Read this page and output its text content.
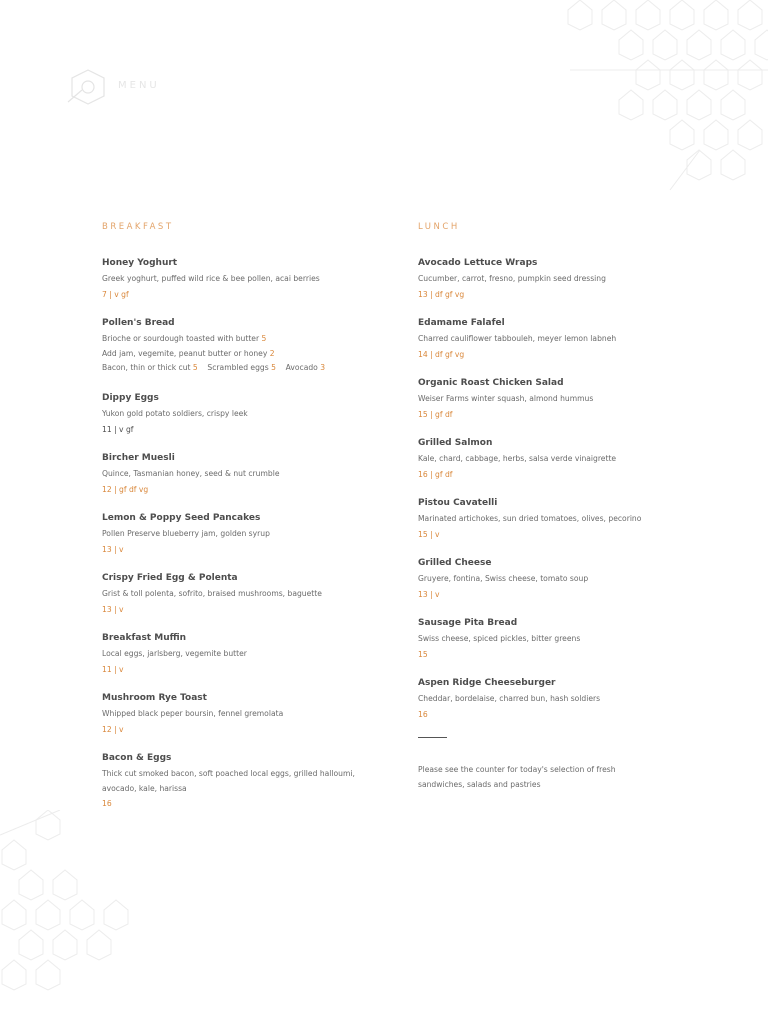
MENU
BREAKFAST
Honey Yoghurt
Greek yoghurt, puffed wild rice & bee pollen, acai berries
7 | v gf
Pollen's Bread
Brioche or sourdough toasted with butter 5
Add jam, vegemite, peanut butter or honey 2
Bacon, thin or thick cut 5 Scrambled eggs 5 Avocado 3
Dippy Eggs
Yukon gold potato soldiers, crispy leek
11 | v gf
Bircher Muesli
Quince, Tasmanian honey, seed & nut crumble
12 | gf df vg
Lemon & Poppy Seed Pancakes
Pollen Preserve blueberry jam, golden syrup
13 | v
Crispy Fried Egg & Polenta
Grist & toll polenta, sofrito, braised mushrooms, baguette
13 | v
Breakfast Muffin
Local eggs, jarlsberg, vegemite butter
11 | v
Mushroom Rye Toast
Whipped black peper boursin, fennel gremolata
12 | v
Bacon & Eggs
Thick cut smoked bacon, soft poached local eggs, grilled halloumi, avocado, kale, harissa
16
LUNCH
Avocado Lettuce Wraps
Cucumber, carrot, fresno, pumpkin seed dressing
13 | df gf vg
Edamame Falafel
Charred cauliflower tabbouleh, meyer lemon labneh
14 | df gf vg
Organic Roast Chicken Salad
Weiser Farms winter squash, almond hummus
15 | gf df
Grilled Salmon
Kale, chard, cabbage, herbs, salsa verde vinaigrette
16 | gf df
Pistou Cavatelli
Marinated artichokes, sun dried tomatoes, olives, pecorino
15 | v
Grilled Cheese
Gruyere, fontina, Swiss cheese, tomato soup
13 | v
Sausage Pita Bread
Swiss cheese, spiced pickles, bitter greens
15
Aspen Ridge Cheeseburger
Cheddar, bordelaise, charred bun, hash soldiers
16
Please see the counter for today's selection of fresh sandwiches, salads and pastries
